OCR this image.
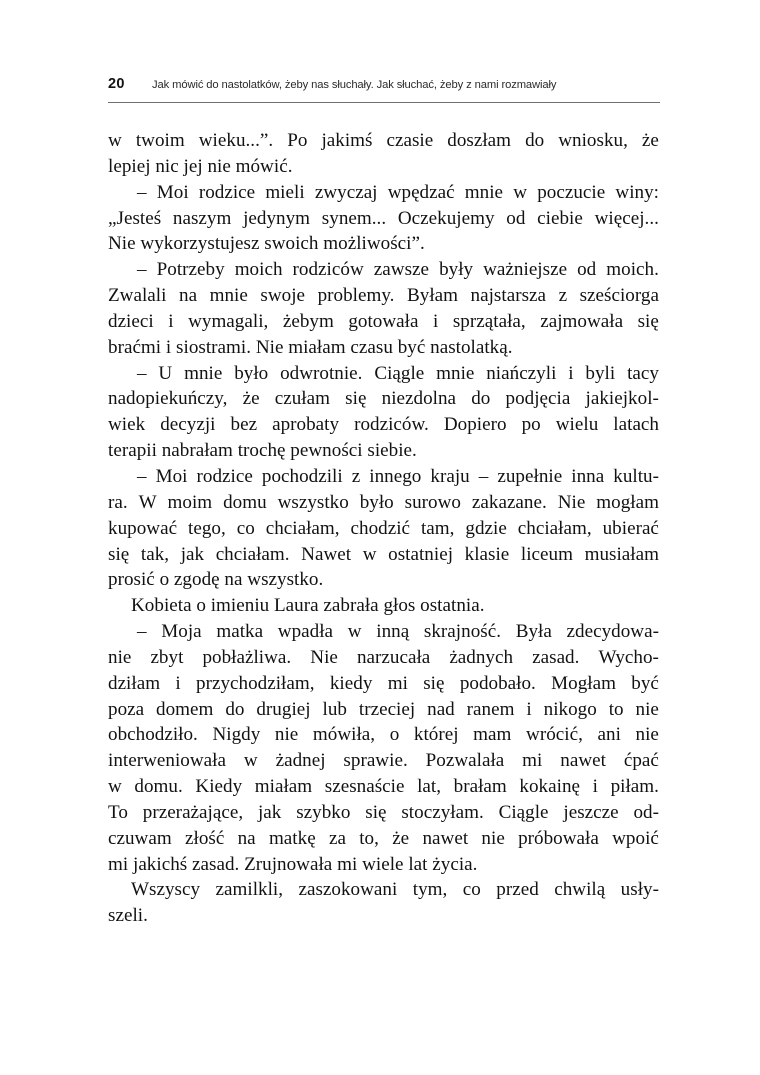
20	Jak mówić do nastolatków, żeby nas słuchały. Jak słuchać, żeby z nami rozmawiały
w twoim wieku...”. Po jakimś czasie doszłam do wniosku, że
lepiej nic jej nie mówić.
– Moi rodzice mieli zwyczaj wpędzać mnie w poczucie winy:
„Jesteś naszym jedynym synem... Oczekujemy od ciebie więcej...
Nie wykorzystujesz swoich możliwości”.
– Potrzeby moich rodziców zawsze były ważniejsze od moich.
Zwalali na mnie swoje problemy. Byłam najstarsza z sześciorga
dzieci i wymagali, żebym gotowała i sprzątała, zajmowała się
braćmi i siostrami. Nie miałam czasu być nastolatką.
– U mnie było odwrotnie. Ciągle mnie niańczyli i byli tacy
nadopiekuńczy, że czułam się niezdolna do podjęcia jakiejkol-
wiek decyzji bez aprobaty rodziców. Dopiero po wielu latach
terapii nabrałam trochę pewności siebie.
– Moi rodzice pochodzili z innego kraju – zupełnie inna kultu-
ra. W moim domu wszystko było surowo zakazane. Nie mogłam
kupować tego, co chciałam, chodzić tam, gdzie chciałam, ubierać
się tak, jak chciałam. Nawet w ostatniej klasie liceum musiałam
prosić o zgodę na wszystko.
Kobieta o imieniu Laura zabrała głos ostatnia.
– Moja matka wpadła w inną skrajność. Była zdecydowa-
nie zbyt pobłażliwa. Nie narzucała żadnych zasad. Wycho-
dziłam i przychodziłam, kiedy mi się podobało. Mogłam być
poza domem do drugiej lub trzeciej nad ranem i nikogo to nie
obchodziło. Nigdy nie mówiła, o której mam wrócić, ani nie
interweniowała w żadnej sprawie. Pozwalała mi nawet ćpać
w domu. Kiedy miałam szesnaście lat, brałam kokainę i piłam.
To przerażające, jak szybko się stoczyłam. Ciągle jeszcze od-
czuwam złość na matkę za to, że nawet nie próbowała wpoić
mi jakichś zasad. Zrujnowała mi wiele lat życia.
Wszyscy zamilkli, zaszokowani tym, co przed chwilą usły-
szeli.
